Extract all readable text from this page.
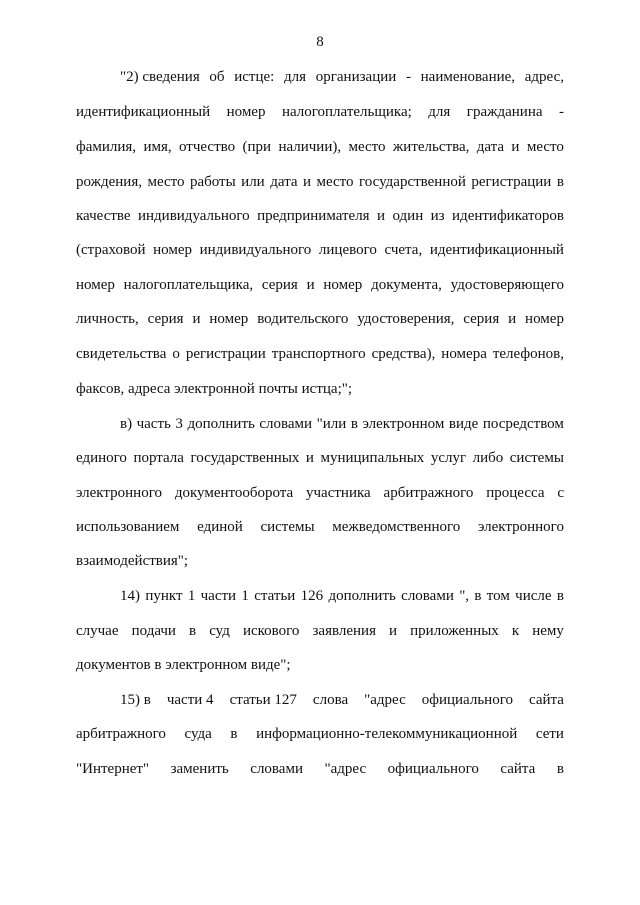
8
"2) сведения об истце: для организации - наименование, адрес,
идентификационный номер налогоплательщика; для гражданина -
фамилия, имя, отчество (при наличии), место жительства, дата и место
рождения, место работы или дата и место государственной регистрации в
качестве индивидуального предпринимателя и один из идентификаторов
(страховой номер индивидуального лицевого счета, идентификационный
номер налогоплательщика, серия и номер документа, удостоверяющего
личность, серия и номер водительского удостоверения, серия и номер
свидетельства о регистрации транспортного средства), номера телефонов,
факсов, адреса электронной почты истца;";
в) часть 3 дополнить словами "или в электронном виде посредством
единого портала государственных и муниципальных услуг либо системы
электронного документооборота участника арбитражного процесса с
использованием единой системы межведомственного электронного
взаимодействия";
14) пункт 1 части 1 статьи 126 дополнить словами ", в том числе в
случае подачи в суд искового заявления и приложенных к нему
документов в электронном виде";
15) в части 4 статьи 127 слова "адрес официального сайта
арбитражного суда в информационно-телекоммуникационной сети
"Интернет" заменить словами "адрес официального сайта в
